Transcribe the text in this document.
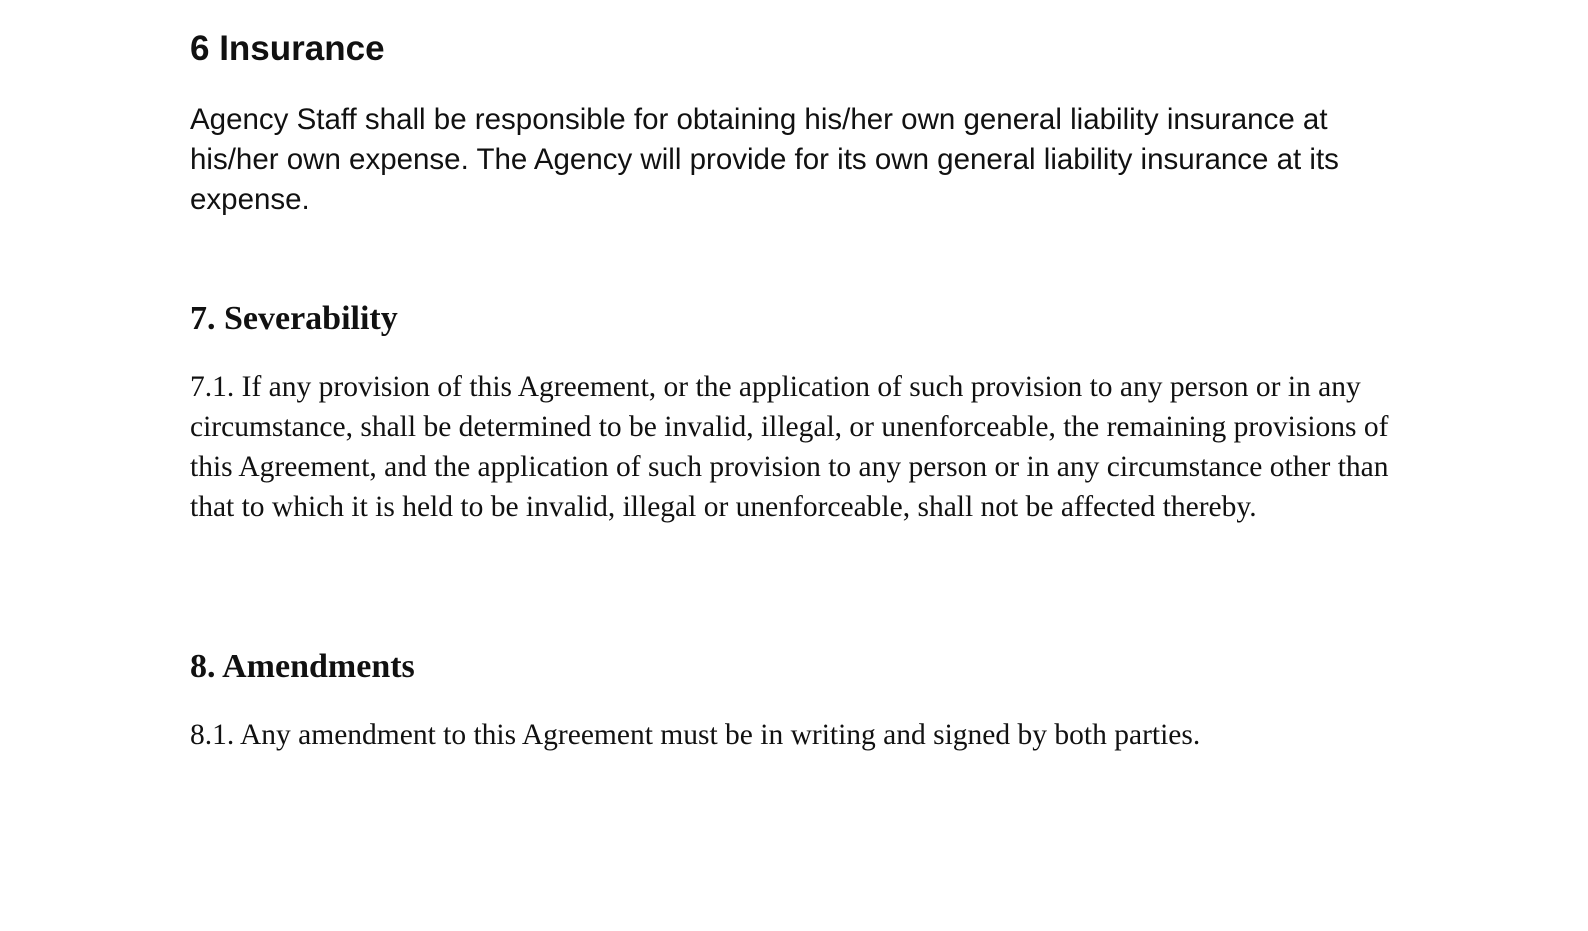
6 Insurance

Agency Staff shall be responsible for obtaining his/her own general liability insurance at his/her own expense. The Agency will provide for its own general liability insurance at its expense.

7. Severability

7.1. If any provision of this Agreement, or the application of such provision to any person or in any circumstance, shall be determined to be invalid, illegal, or unenforceable, the remaining provisions of this Agreement, and the application of such provision to any person or in any circumstance other than that to which it is held to be invalid, illegal or unenforceable, shall not be affected thereby.

8. Amendments

8.1. Any amendment to this Agreement must be in writing and signed by both parties.
